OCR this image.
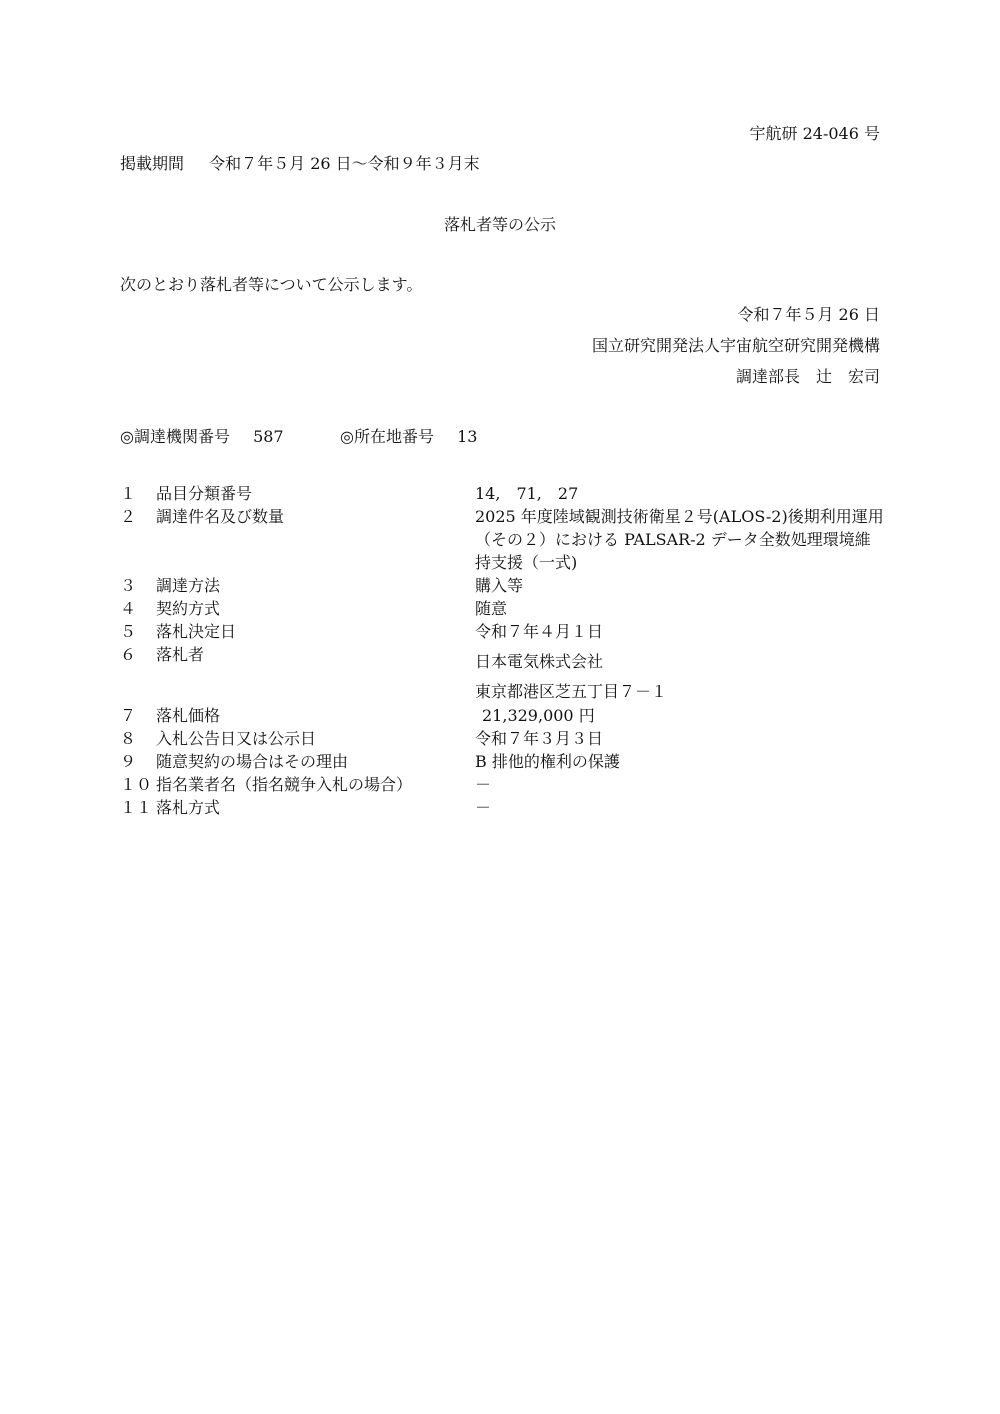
宇航研 24-046 号
掲載期間 令和７年５月 26 日～令和９年３月末
落札者等の公示
次のとおり落札者等について公示します。
令和７年５月 26 日
国立研究開発法人宇宙航空研究開発機構
調達部長　辻　宏司
◎調達機関番号 587	◎所在地番号 13
１ 品目分類番号	14,　71,　27
２ 調達件名及び数量	2025 年度陸域観測技術衛星２号(ALOS-2)後期利用運用（その２）における PALSAR-2 データ全数処理環境維持支援（一式)
３ 調達方法	購入等
４ 契約方式	随意
５ 落札決定日	令和７年４月１日
６ 落札者	日本電気株式会社
東京都港区芝五丁目７－１
７ 落札価格	21,329,000 円
８ 入札公告日又は公示日	令和７年３月３日
９ 随意契約の場合はその理由	B 排他的権利の保護
１０ 指名業者名（指名競争入札の場合）	－
１１ 落札方式	－
